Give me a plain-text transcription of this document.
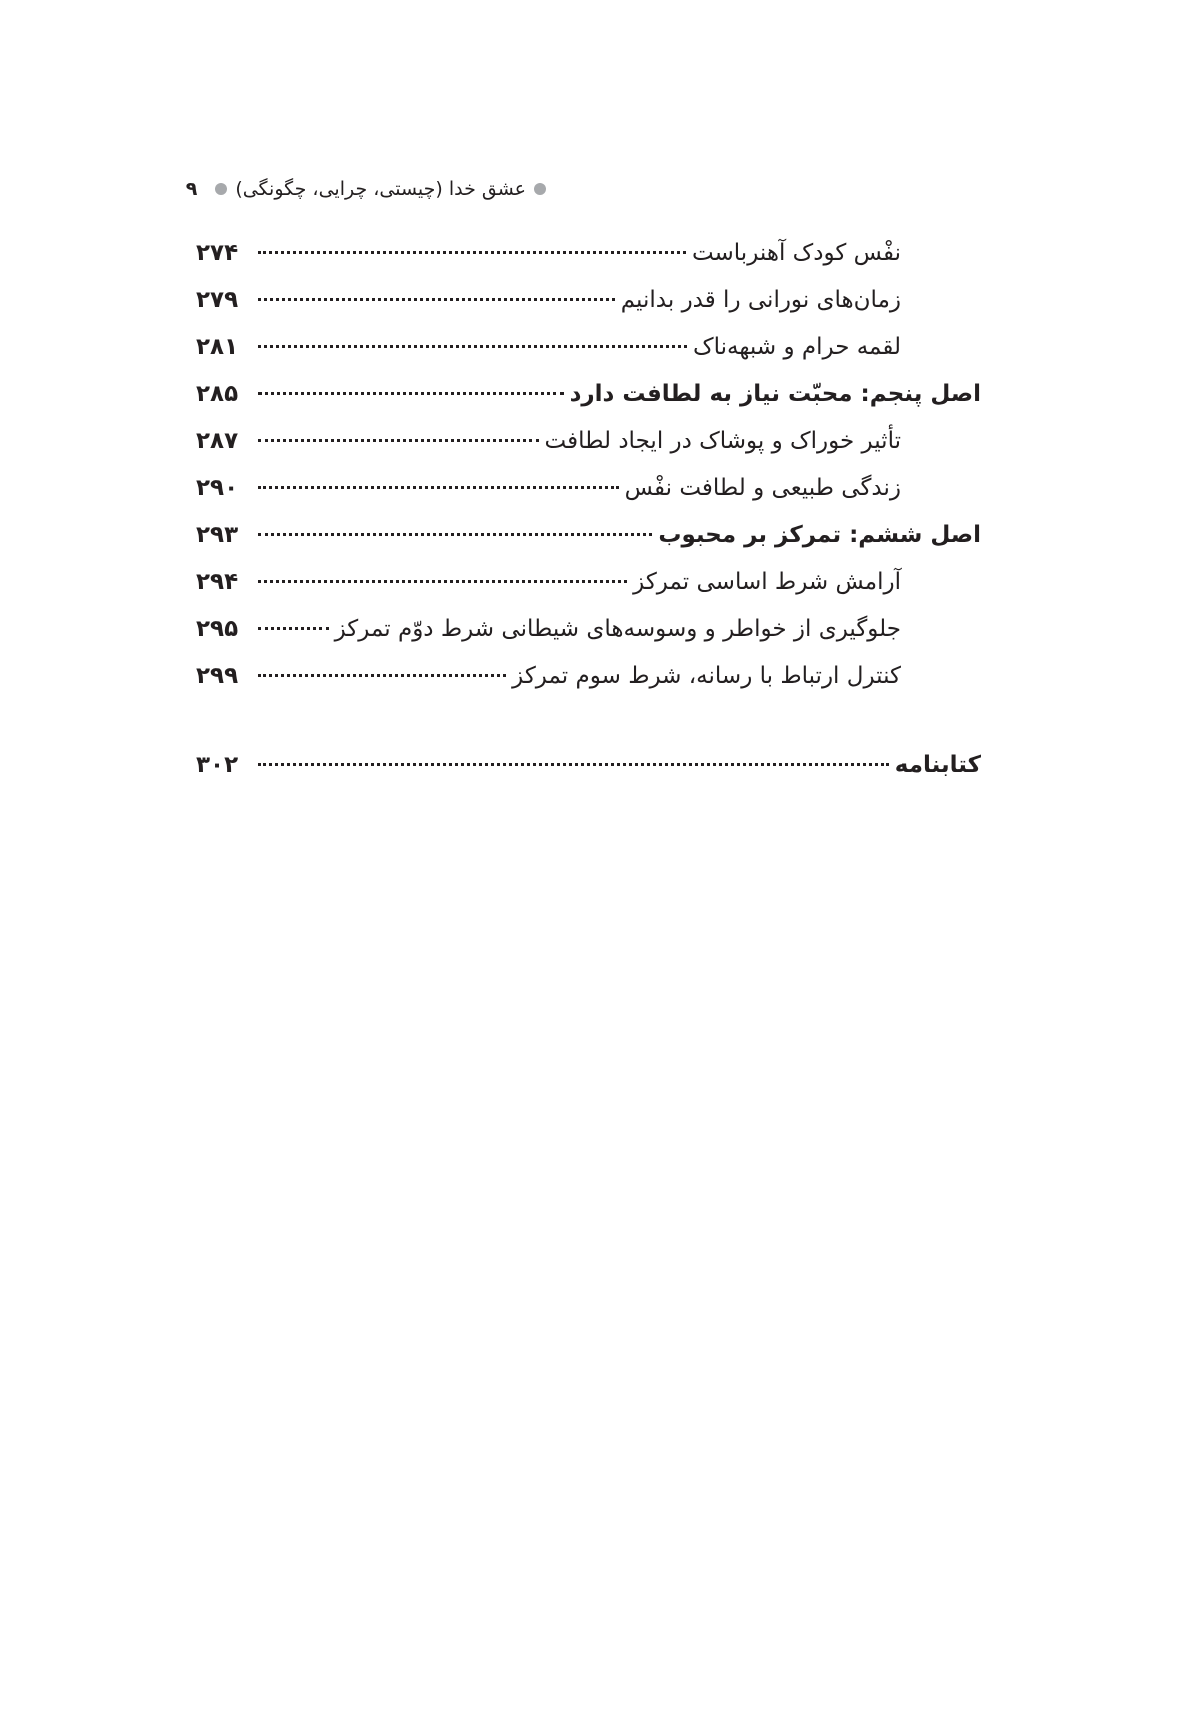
عشق خدا (چیستی، چرایی، چگونگی)
۹
نفْس کودک آهنرباست
۲۷۴
زمان‌های نورانی را قدر بدانیم
۲۷۹
لقمه حرام و شبهه‌ناک
۲۸۱
اصل پنجم: محبّت نیاز به لطافت دارد
۲۸۵
تأثیر خوراک و پوشاک در ایجاد لطافت
۲۸۷
زندگی طبیعی و لطافت نفْس
۲۹۰
اصل ششم: تمرکز بر محبوب
۲۹۳
آرامش شرط اساسی تمرکز
۲۹۴
جلوگیری از خواطر و وسوسه‌های شیطانی شرط دوّم تمرکز
۲۹۵
کنترل ارتباط با رسانه، شرط سوم تمرکز
۲۹۹
کتابنامه
۳۰۲
